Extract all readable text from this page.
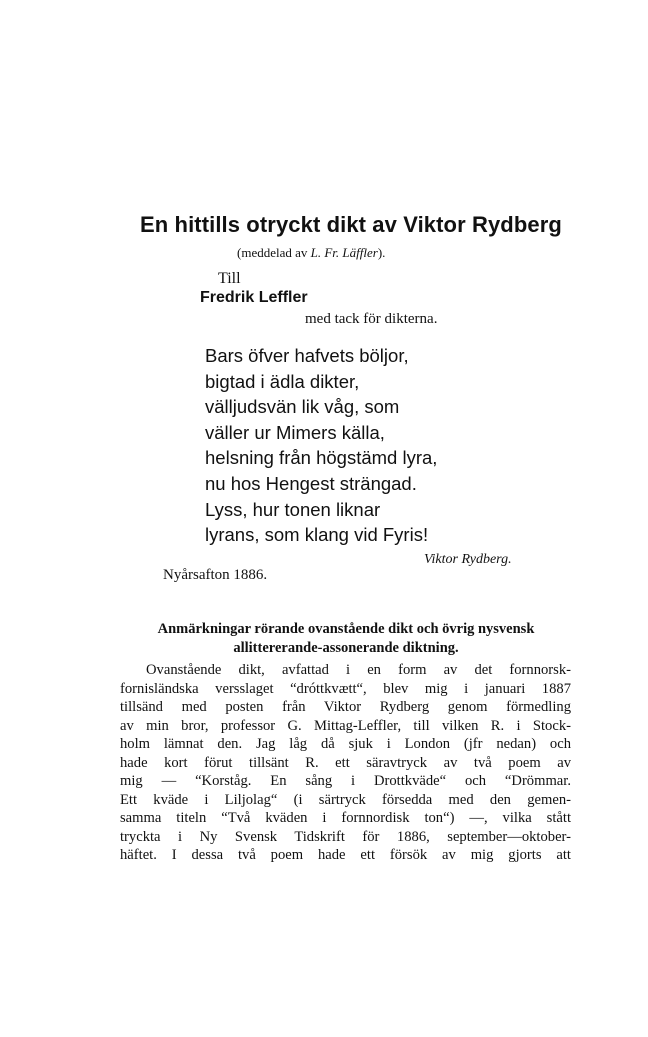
En hittills otryckt dikt av Viktor Rydberg
(meddelad av L. Fr. Läffler).
Till
Fredrik Leffler
med tack för dikterna.
Bars öfver hafvets böljor,
bigtad i ädla dikter,
välljudsvän lik våg, som
väller ur Mimers källa,
helsning från högstämd lyra,
nu hos Hengest strängad.
Lyss, hur tonen liknar
lyrans, som klang vid Fyris!
Viktor Rydberg.
Nyårsafton 1886.
Anmärkningar rörande ovanstående dikt och övrig nysvensk allittererande-assonerande diktning.
Ovanstående dikt, avfattad i en form av det fornnorsk-
fornisländska versslaget “dróttkvætt“, blev mig i januari 1887
tillsänd med posten från Viktor Rydberg genom förmedling
av min bror, professor G. Mittag-Leffler, till vilken R. i Stock-
holm lämnat den. Jag låg då sjuk i London (jfr nedan) och
hade kort förut tillsänt R. ett säravtryck av två poem av
mig — “Korståg. En sång i Drottkväde“ och “Drömmar.
Ett kväde i Liljolag“ (i särtryck försedda med den gemen-
samma titeln “Två kväden i fornnordisk ton“) —, vilka stått
tryckta i Ny Svensk Tidskrift för 1886, september—oktober-
häftet. I dessa två poem hade ett försök av mig gjorts att
